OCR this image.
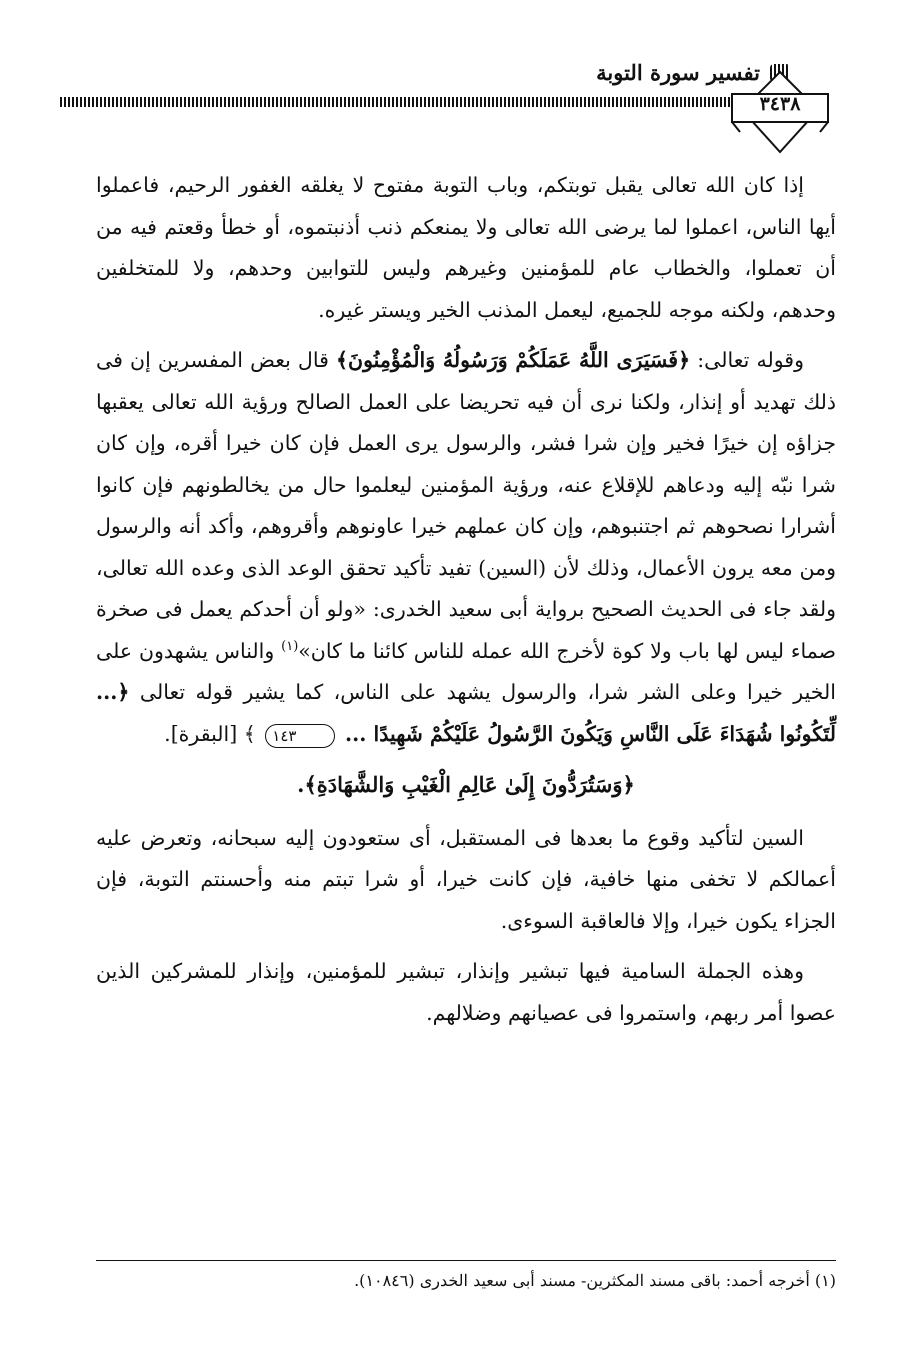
تفسير سورة التوبة
٣٤٣٨

إذا كان الله تعالى يقبل توبتكم، وباب التوبة مفتوح لا يغلقه الغفور الرحيم، فاعملوا أيها الناس، اعملوا لما يرضى الله تعالى ولا يمنعكم ذنب أذنبتموه، أو خطأ وقعتم فيه من أن تعملوا، والخطاب عام للمؤمنين وغيرهم وليس للتوابين وحدهم، ولا للمتخلفين وحدهم، ولكنه موجه للجميع، ليعمل المذنب الخير ويستر غيره.

وقوله تعالى: ﴿فَسَيَرَى اللَّهُ عَمَلَكُمْ وَرَسُولُهُ وَالْمُؤْمِنُونَ﴾ قال بعض المفسرين إن فى ذلك تهديد أو إنذار، ولكنا نرى أن فيه تحريضا على العمل الصالح ورؤية الله تعالى يعقبها جزاؤه إن خيرًا فخير وإن شرا فشر، والرسول يرى العمل فإن كان خيرا أقره، وإن كان شرا نبّه إليه ودعاهم للإقلاع عنه، ورؤية المؤمنين ليعلموا حال من يخالطونهم فإن كانوا أشرارا نصحوهم ثم اجتنبوهم، وإن كان عملهم خيرا عاونوهم وأقروهم، وأكد أنه والرسول ومن معه يرون الأعمال، وذلك لأن (السين) تفيد تأكيد تحقق الوعد الذى وعده الله تعالى، ولقد جاء فى الحديث الصحيح برواية أبى سعيد الخدرى: «ولو أن أحدكم يعمل فى صخرة صماء ليس لها باب ولا كوة لأخرج الله عمله للناس كائنا ما كان»$^{(١)}$ والناس يشهدون على الخير خيرا وعلى الشر شرا، والرسول يشهد على الناس، كما يشير قوله تعالى ﴿... لِّتَكُونُوا شُهَدَاءَ عَلَى النَّاسِ وَيَكُونَ الرَّسُولُ عَلَيْكُمْ شَهِيدًا ... ١٤٣ ﴾ [البقرة].

﴿وَسَتُرَدُّونَ إِلَىٰ عَالِمِ الْغَيْبِ وَالشَّهَادَةِ﴾.

السين لتأكيد وقوع ما بعدها فى المستقبل، أى ستعودون إليه سبحانه، وتعرض عليه أعمالكم لا تخفى منها خافية، فإن كانت خيرا، أو شرا تبتم منه وأحسنتم التوبة، فإن الجزاء يكون خيرا، وإلا فالعاقبة السوءى.

وهذه الجملة السامية فيها تبشير وإنذار، تبشير للمؤمنين، وإنذار للمشركين الذين عصوا أمر ربهم، واستمروا فى عصيانهم وضلالهم.

(١) أخرجه أحمد: باقى مسند المكثرين- مسند أبى سعيد الخدرى (١٠٨٤٦).
